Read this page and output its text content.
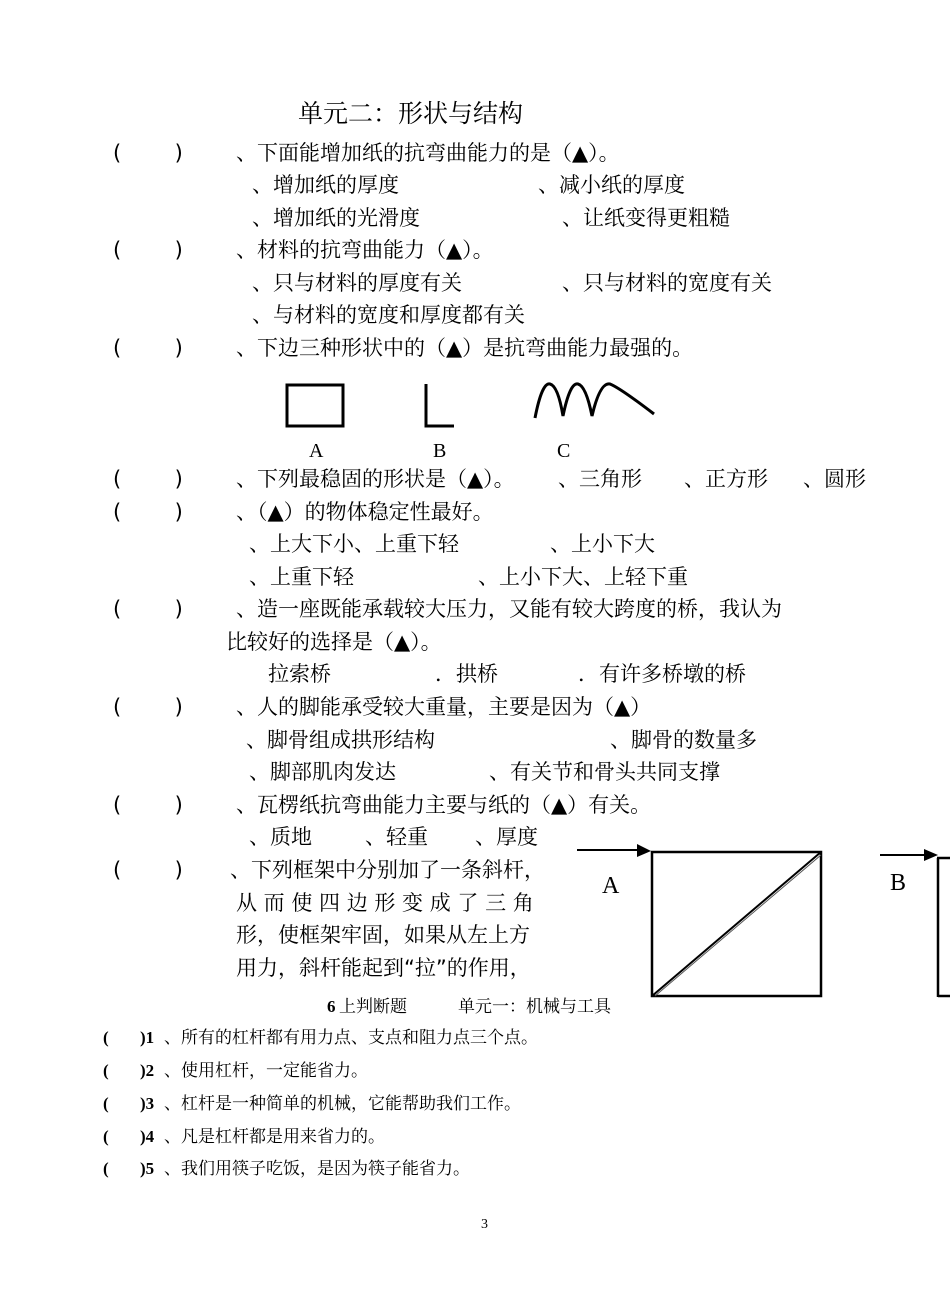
单元二：形状与结构
(        )
(        )
(        )
(        )
(        )
(        )
(        )
(        )
(        )
、下面能增加纸的抗弯曲能力的是（▲）。
、增加纸的厚度	、减小纸的厚度
、增加纸的光滑度	、让纸变得更粗糙
、材料的抗弯曲能力（▲）。
、只与材料的厚度有关	、只与材料的宽度有关
、与材料的宽度和厚度都有关
、下边三种形状中的（▲）是抗弯曲能力最强的。
A	B	C
、下列最稳固的形状是（▲）。 、三角形 、正方形 、圆形
、（▲）的物体稳定性最好。
、上大下小、上重下轻	、上小下大
、上重下轻	、上小下大、上轻下重
、造一座既能承载较大压力，又能有较大跨度的桥，我认为
比较好的选择是（▲）。
拉索桥	．拱桥	．有许多桥墩的桥
、人的脚能承受较大重量，主要是因为（▲）
、脚骨组成拱形结构	、脚骨的数量多
、脚部肌肉发达	、有关节和骨头共同支撑
、瓦楞纸抗弯曲能力主要与纸的（▲）有关。
、质地	、轻重 、厚度
、下列框架中分别加了一条斜杆，
从 而 使 四 边 形 变 成 了 三 角
形，使框架牢固，如果从左上方
用力，斜杆能起到“拉”的作用，
A	B
6 上判断题	单元一：机械与工具
( )1 、所有的杠杆都有用力点、支点和阻力点三个点。
( )2 、使用杠杆，一定能省力。
( )3 、杠杆是一种简单的机械，它能帮助我们工作。
( )4 、凡是杠杆都是用来省力的。
( )5 、我们用筷子吃饭，是因为筷子能省力。
3
